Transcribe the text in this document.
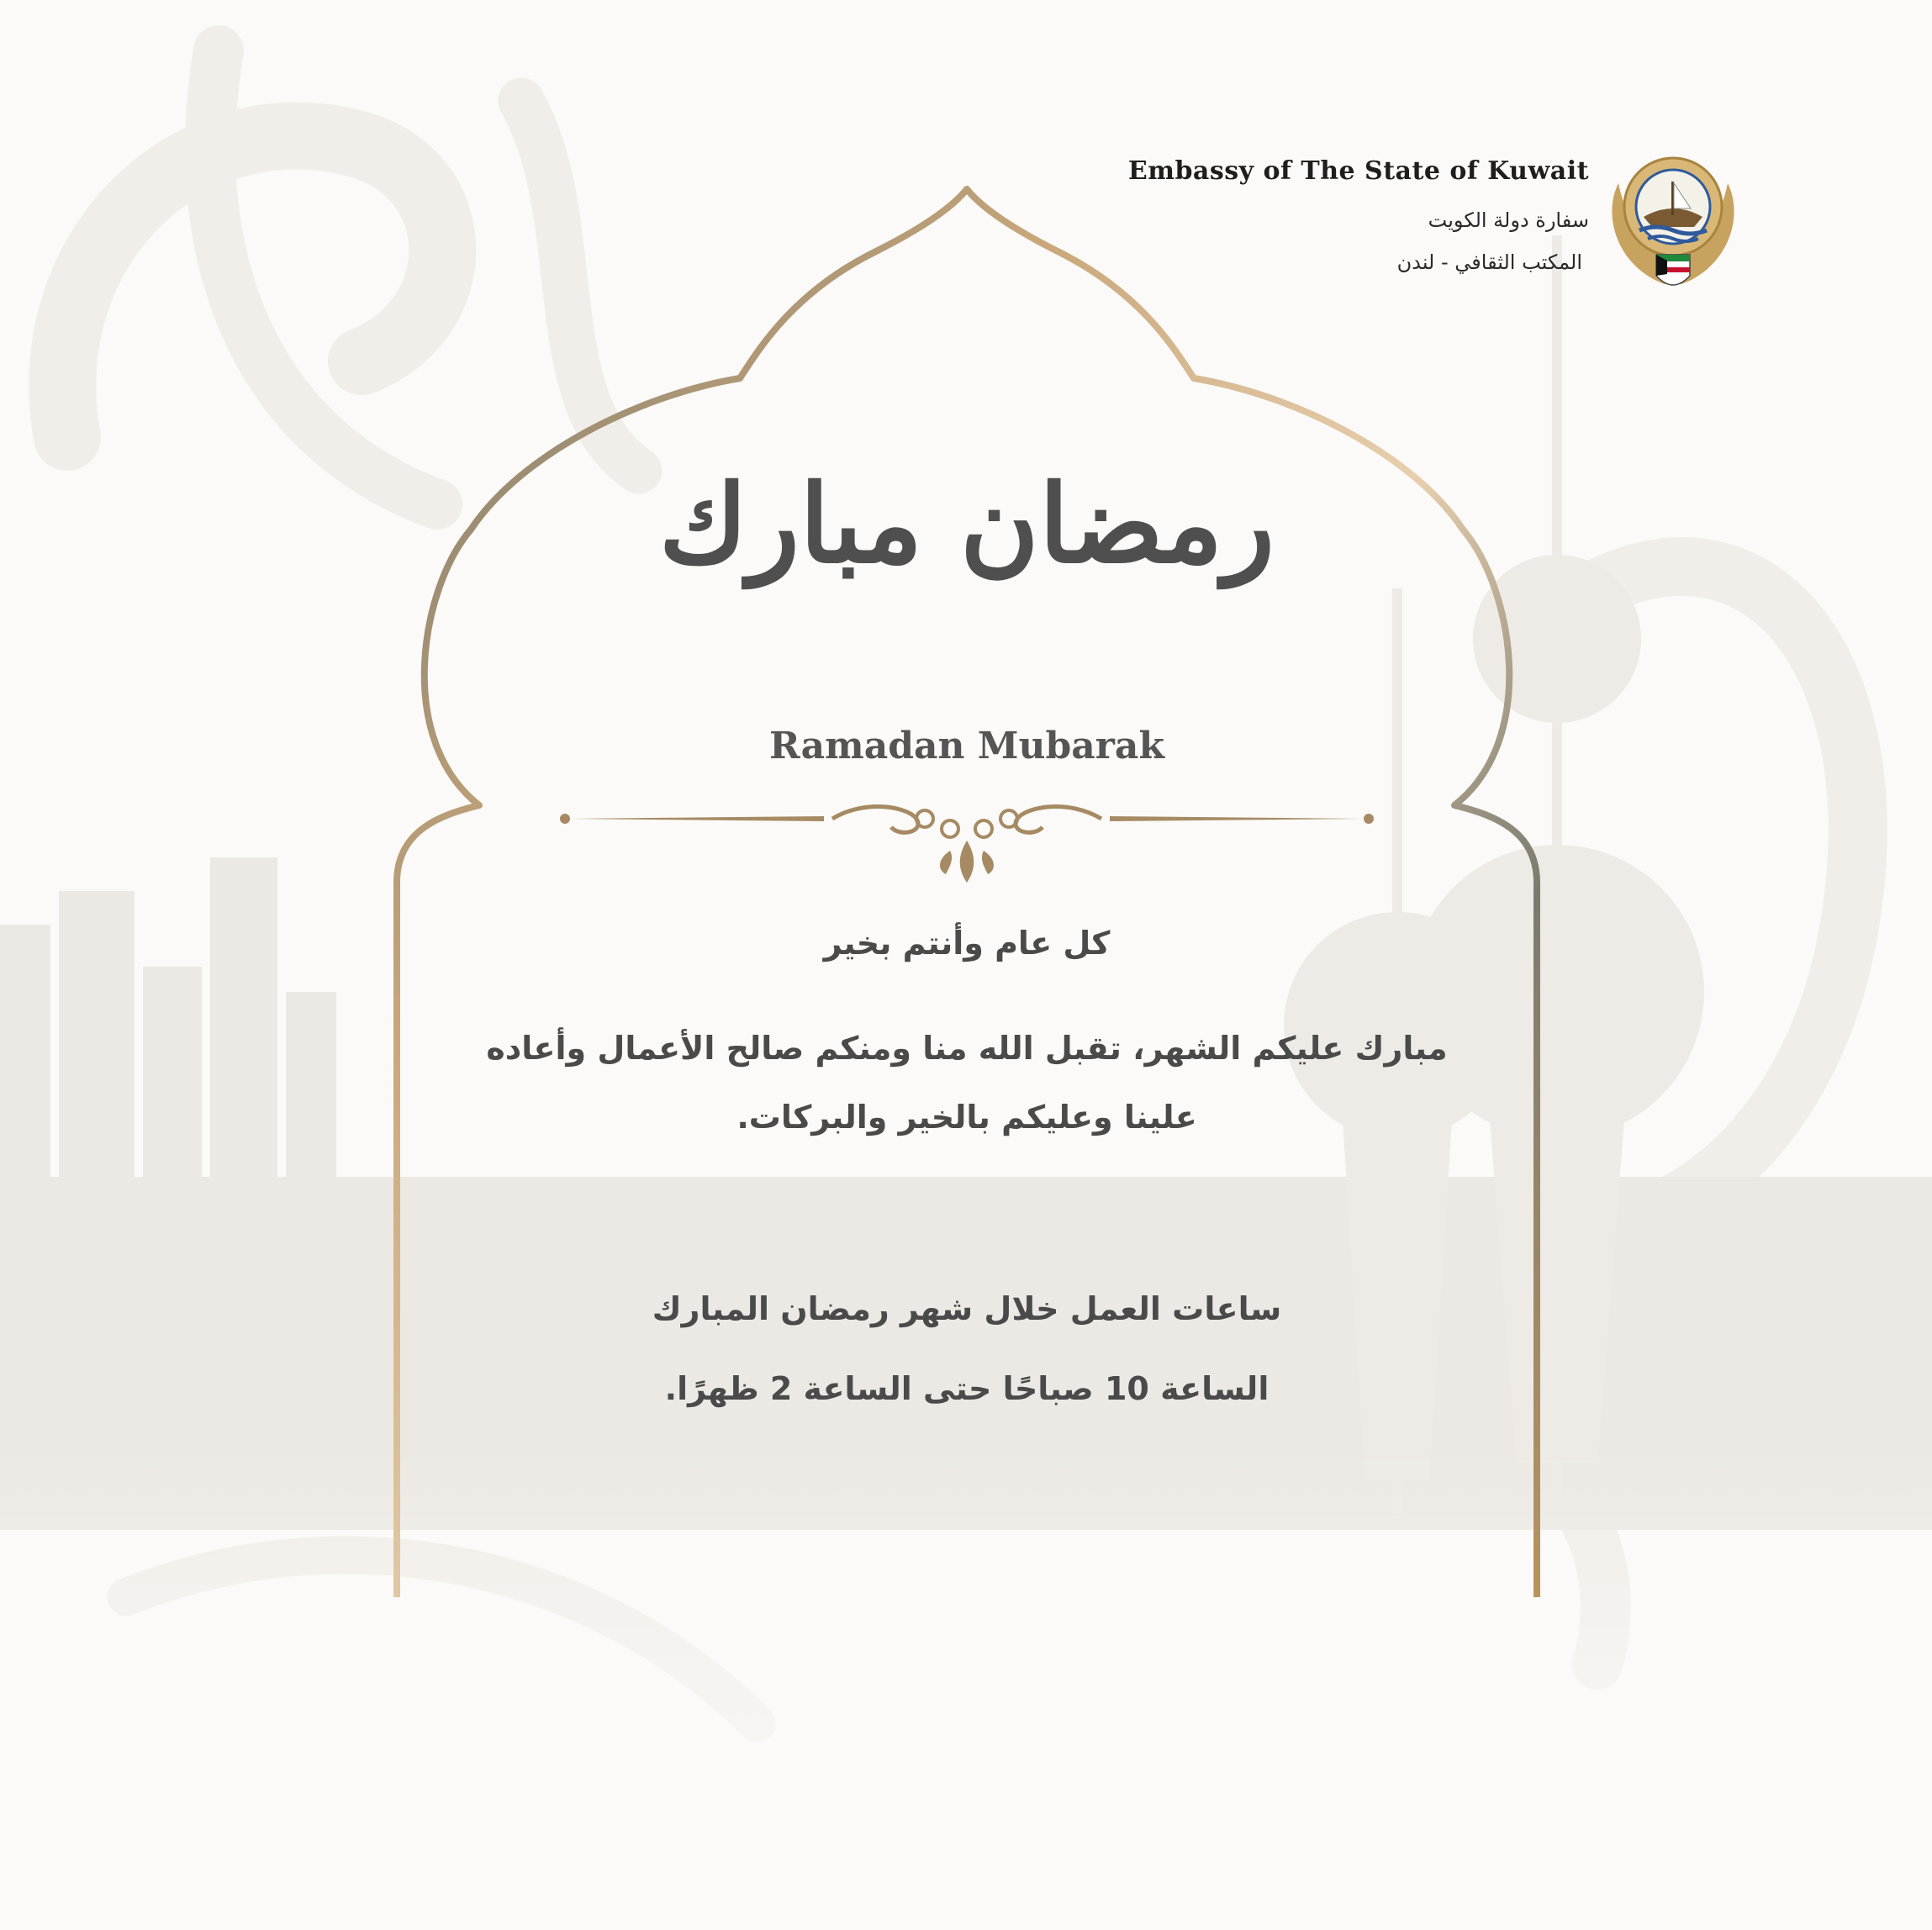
Embassy of The State of Kuwait
سفارة دولة الكويت
المكتب الثقافي - لندن
رمضان مبارك
Ramadan Mubarak
كل عام وأنتم بخير
مبارك عليكم الشهر، تقبل الله منا ومنكم صالح الأعمال وأعاده
علينا وعليكم بالخير والبركات.
ساعات العمل خلال شهر رمضان المبارك
الساعة 10 صباحًا حتى الساعة 2 ظهرًا.
